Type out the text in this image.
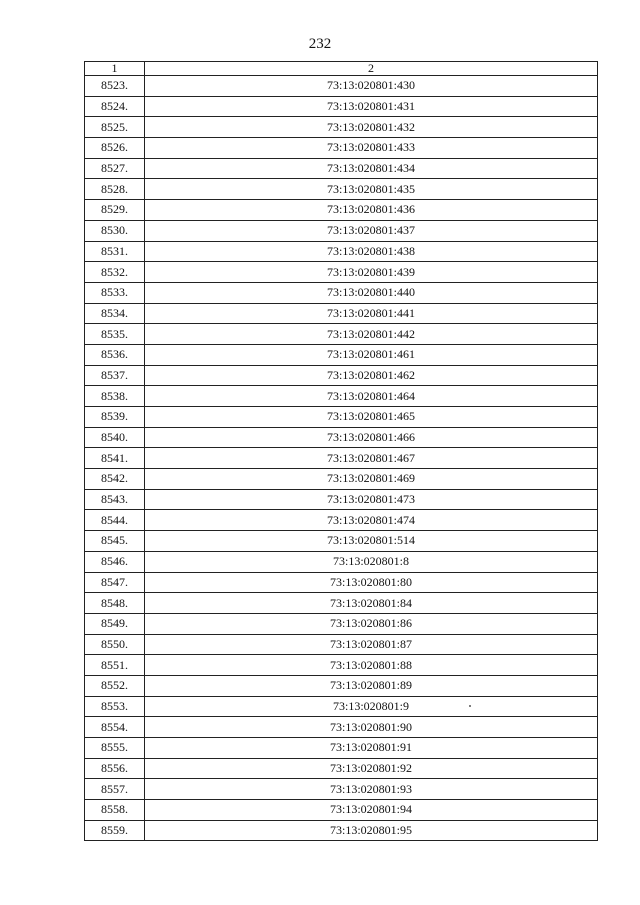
232
1	2
8523.	73:13:020801:430
8524.	73:13:020801:431
8525.	73:13:020801:432
8526.	73:13:020801:433
8527.	73:13:020801:434
8528.	73:13:020801:435
8529.	73:13:020801:436
8530.	73:13:020801:437
8531.	73:13:020801:438
8532.	73:13:020801:439
8533.	73:13:020801:440
8534.	73:13:020801:441
8535.	73:13:020801:442
8536.	73:13:020801:461
8537.	73:13:020801:462
8538.	73:13:020801:464
8539.	73:13:020801:465
8540.	73:13:020801:466
8541.	73:13:020801:467
8542.	73:13:020801:469
8543.	73:13:020801:473
8544.	73:13:020801:474
8545.	73:13:020801:514
8546.	73:13:020801:8
8547.	73:13:020801:80
8548.	73:13:020801:84
8549.	73:13:020801:86
8550.	73:13:020801:87
8551.	73:13:020801:88
8552.	73:13:020801:89
8553.	73:13:020801:9
8554.	73:13:020801:90
8555.	73:13:020801:91
8556.	73:13:020801:92
8557.	73:13:020801:93
8558.	73:13:020801:94
8559.	73:13:020801:95
